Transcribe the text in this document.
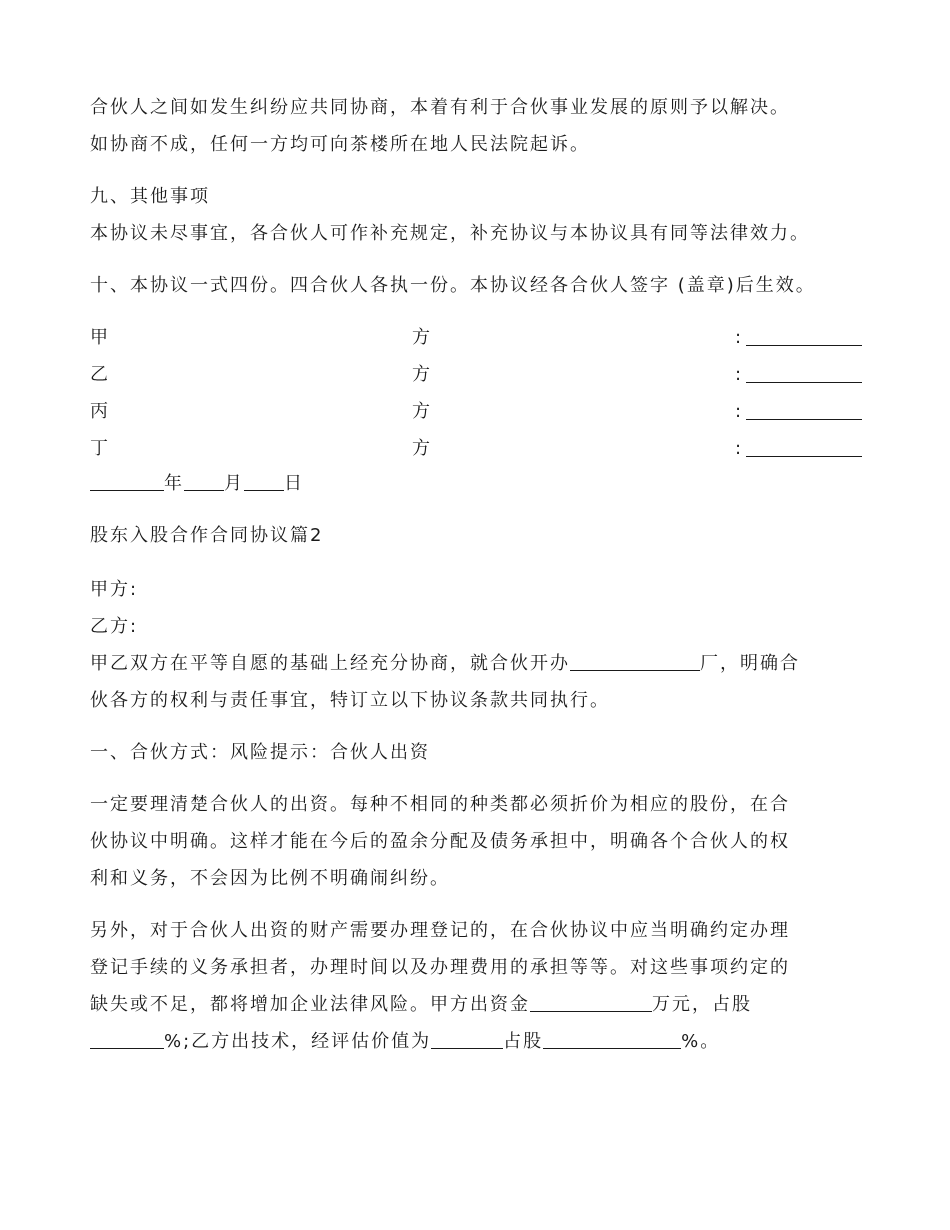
合伙人之间如发生纠纷应共同协商，本着有利于合伙事业发展的原则予以解决。
如协商不成，任何一方均可向茶楼所在地人民法院起诉。
九、其他事项
本协议未尽事宜，各合伙人可作补充规定，补充协议与本协议具有同等法律效力。
十、本协议一式四份。四合伙人各执一份。本协议经各合伙人签字 (盖章)后生效。
甲	方	:
乙	方	:
丙	方	:
丁	方	:
年 月 日
股东入股合作合同协议篇2
甲方:
乙方:
甲乙双方在平等自愿的基础上经充分协商，就合伙开办	厂，明确合
伙各方的权利与责任事宜，特订立以下协议条款共同执行。
一、合伙方式：风险提示：合伙人出资
一定要理清楚合伙人的出资。每种不相同的种类都必须折价为相应的股份，在合
伙协议中明确。这样才能在今后的盈余分配及债务承担中，明确各个合伙人的权
利和义务，不会因为比例不明确闹纠纷。
另外，对于合伙人出资的财产需要办理登记的，在合伙协议中应当明确约定办理
登记手续的义务承担者，办理时间以及办理费用的承担等等。对这些事项约定的
缺失或不足，都将增加企业法律风险。甲方出资金	万元，占股
%;乙方出技术，经评估价值为	占股	%。
